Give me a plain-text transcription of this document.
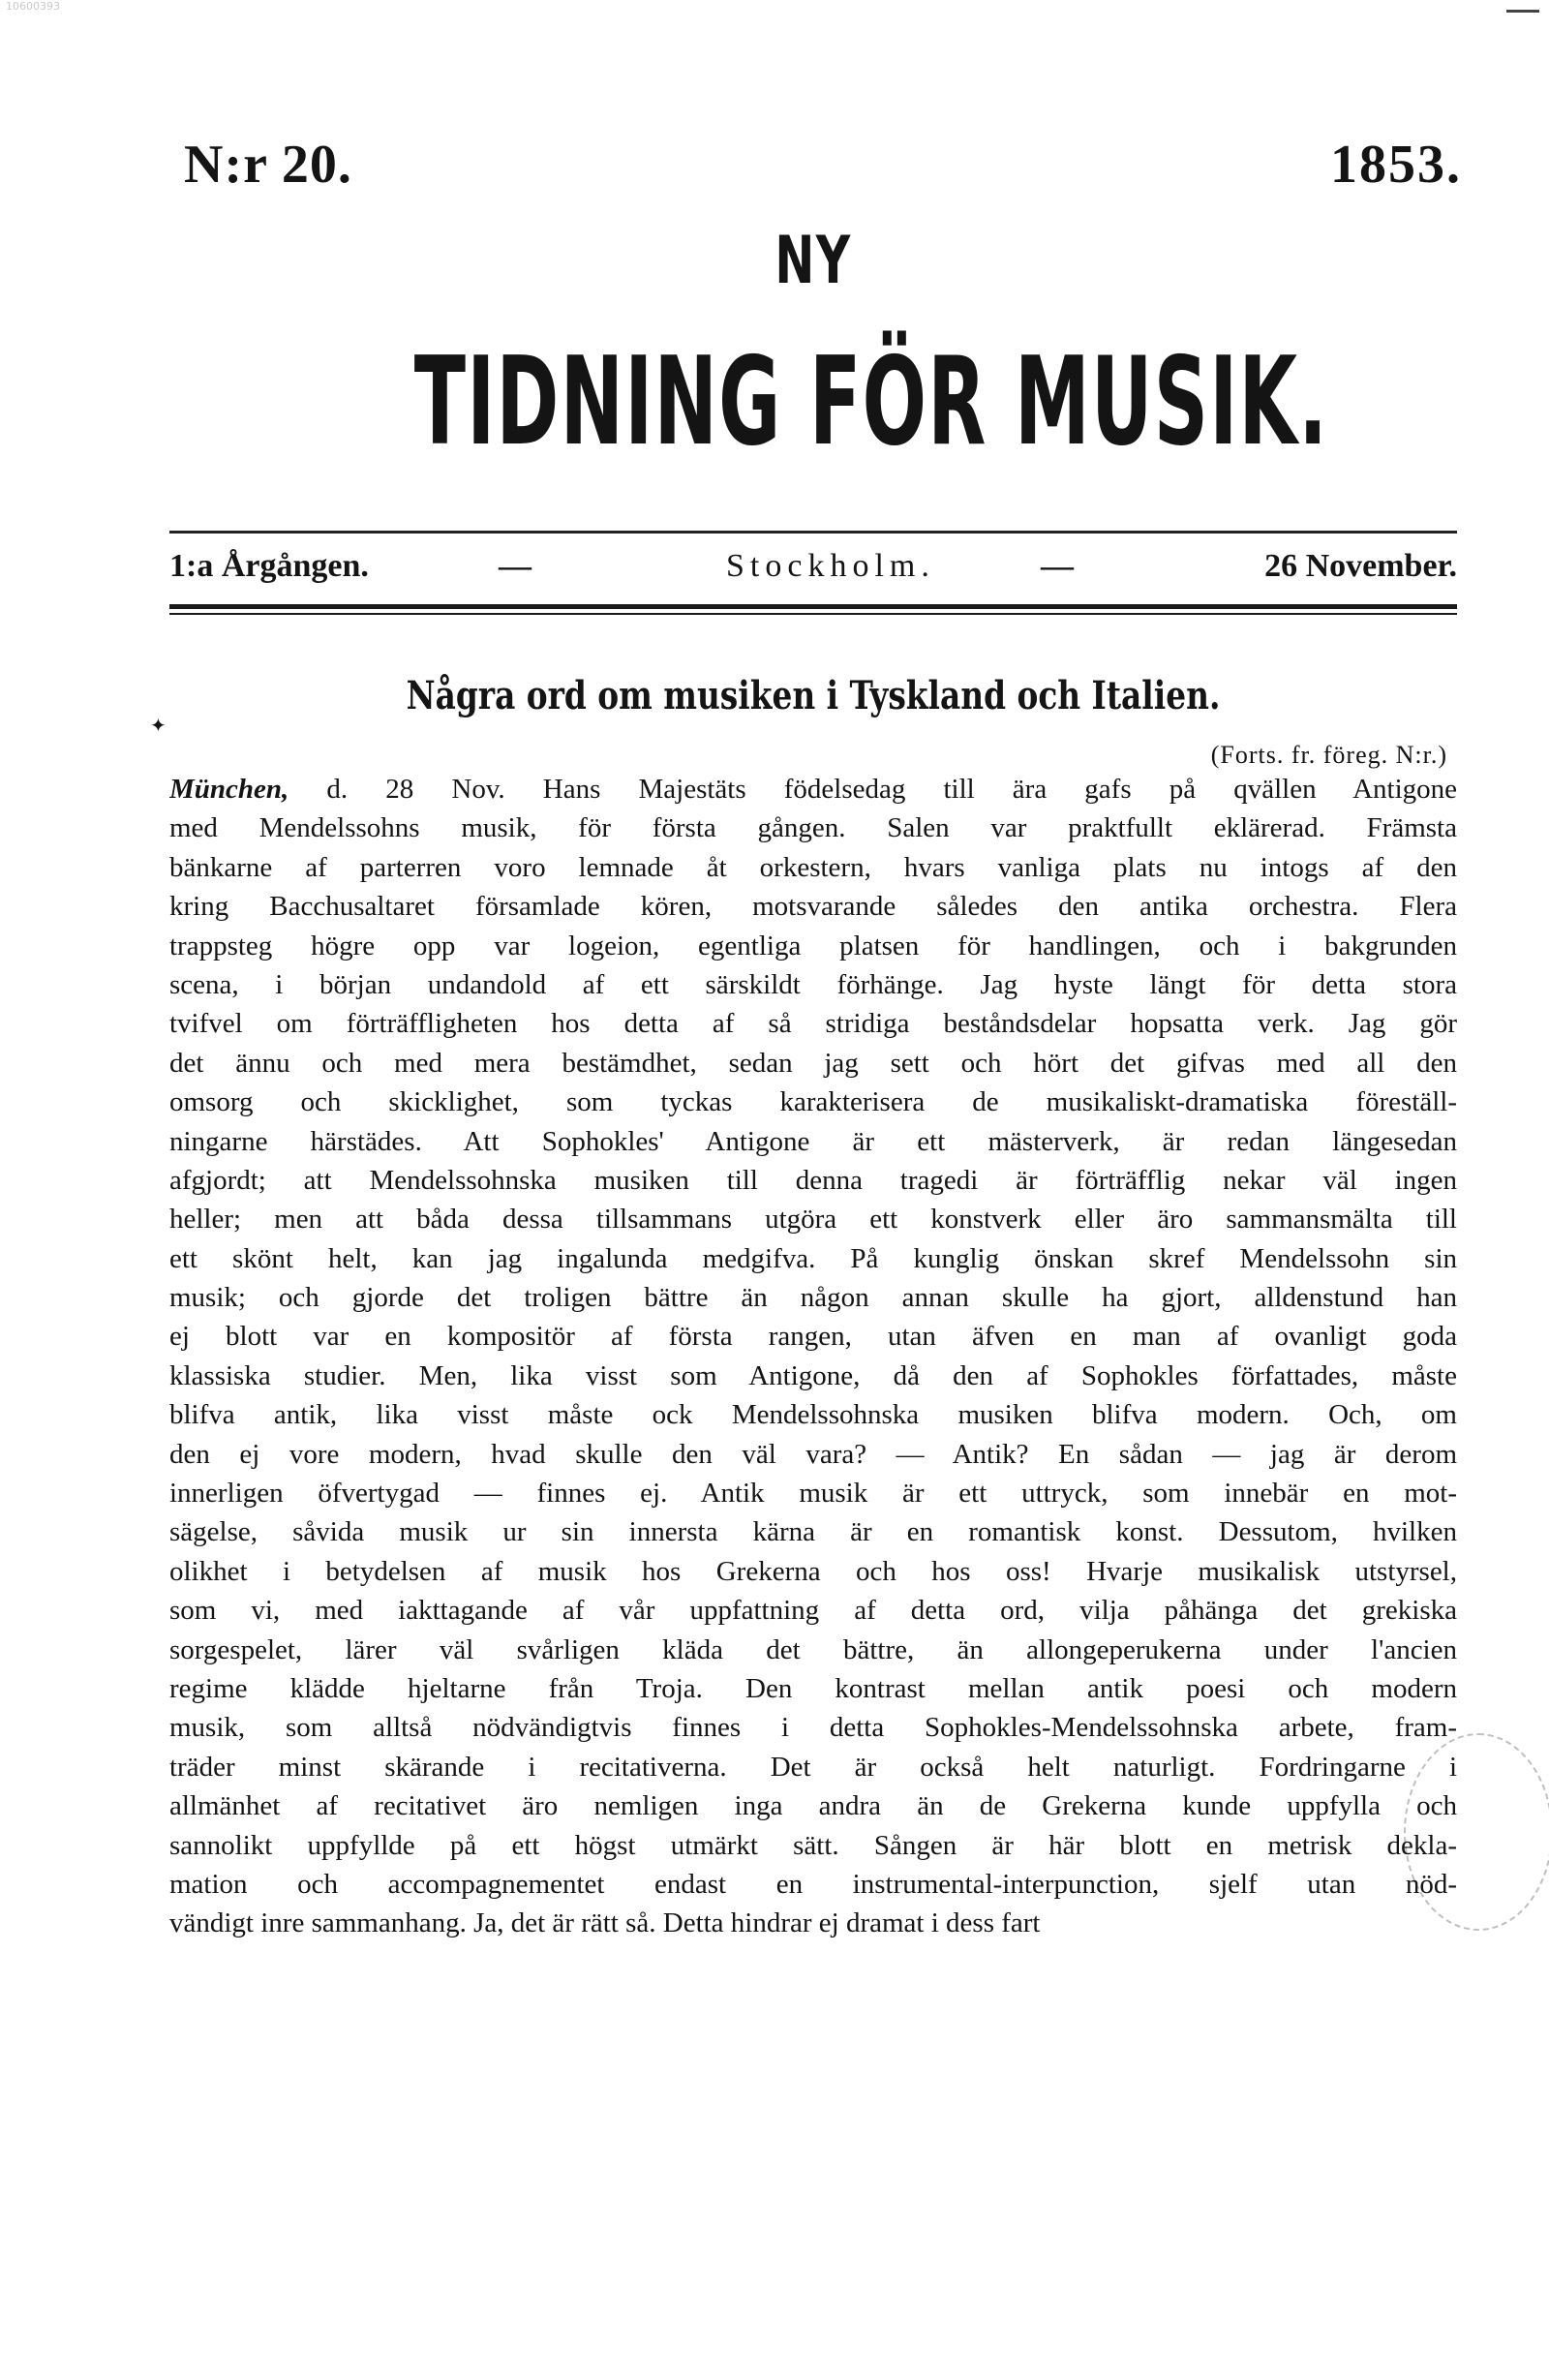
10600393
✦
N:r 20.	1853.
NY
TIDNING FÖR MUSIK.
1:a Årgången.	—	Stockholm.	—	26 November.
Några ord om musiken i Tyskland och Italien.
(Forts. fr. föreg. N:r.)
München, d. 28 Nov. Hans Majestäts födelsedag till ära gafs på qvällen Antigone
med Mendelssohns musik, för första gången. Salen var praktfullt eklärerad. Främsta
bänkarne af parterren voro lemnade åt orkestern, hvars vanliga plats nu intogs af den
kring Bacchusaltaret församlade kören, motsvarande således den antika orchestra. Flera
trappsteg högre opp var logeion, egentliga platsen för handlingen, och i bakgrunden
scena, i början undandold af ett särskildt förhänge. Jag hyste längt för detta stora
tvifvel om förträffligheten hos detta af så stridiga beståndsdelar hopsatta verk. Jag gör
det ännu och med mera bestämdhet, sedan jag sett och hört det gifvas med all den
omsorg och skicklighet, som tyckas karakterisera de musikaliskt-dramatiska föreställ-
ningarne härstädes. Att Sophokles' Antigone är ett mästerverk, är redan längesedan
afgjordt; att Mendelssohnska musiken till denna tragedi är förträfflig nekar väl ingen
heller; men att båda dessa tillsammans utgöra ett konstverk eller äro sammansmälta till
ett skönt helt, kan jag ingalunda medgifva. På kunglig önskan skref Mendelssohn sin
musik; och gjorde det troligen bättre än någon annan skulle ha gjort, alldenstund han
ej blott var en kompositör af första rangen, utan äfven en man af ovanligt goda
klassiska studier. Men, lika visst som Antigone, då den af Sophokles författades, måste
blifva antik, lika visst måste ock Mendelssohnska musiken blifva modern. Och, om
den ej vore modern, hvad skulle den väl vara? — Antik? En sådan — jag är derom
innerligen öfvertygad — finnes ej. Antik musik är ett uttryck, som innebär en mot-
sägelse, såvida musik ur sin innersta kärna är en romantisk konst. Dessutom, hvilken
olikhet i betydelsen af musik hos Grekerna och hos oss! Hvarje musikalisk utstyrsel,
som vi, med iakttagande af vår uppfattning af detta ord, vilja påhänga det grekiska
sorgespelet, lärer väl svårligen kläda det bättre, än allongeperukerna under l'ancien
regime klädde hjeltarne från Troja. Den kontrast mellan antik poesi och modern
musik, som alltså nödvändigtvis finnes i detta Sophokles-Mendelssohnska arbete, fram-
träder minst skärande i recitativerna. Det är också helt naturligt. Fordringarne i
allmänhet af recitativet äro nemligen inga andra än de Grekerna kunde uppfylla och
sannolikt uppfyllde på ett högst utmärkt sätt. Sången är här blott en metrisk dekla-
mation och accompagnementet endast en instrumental-interpunction, sjelf utan nöd-
vändigt inre sammanhang. Ja, det är rätt så. Detta hindrar ej dramat i dess fart
